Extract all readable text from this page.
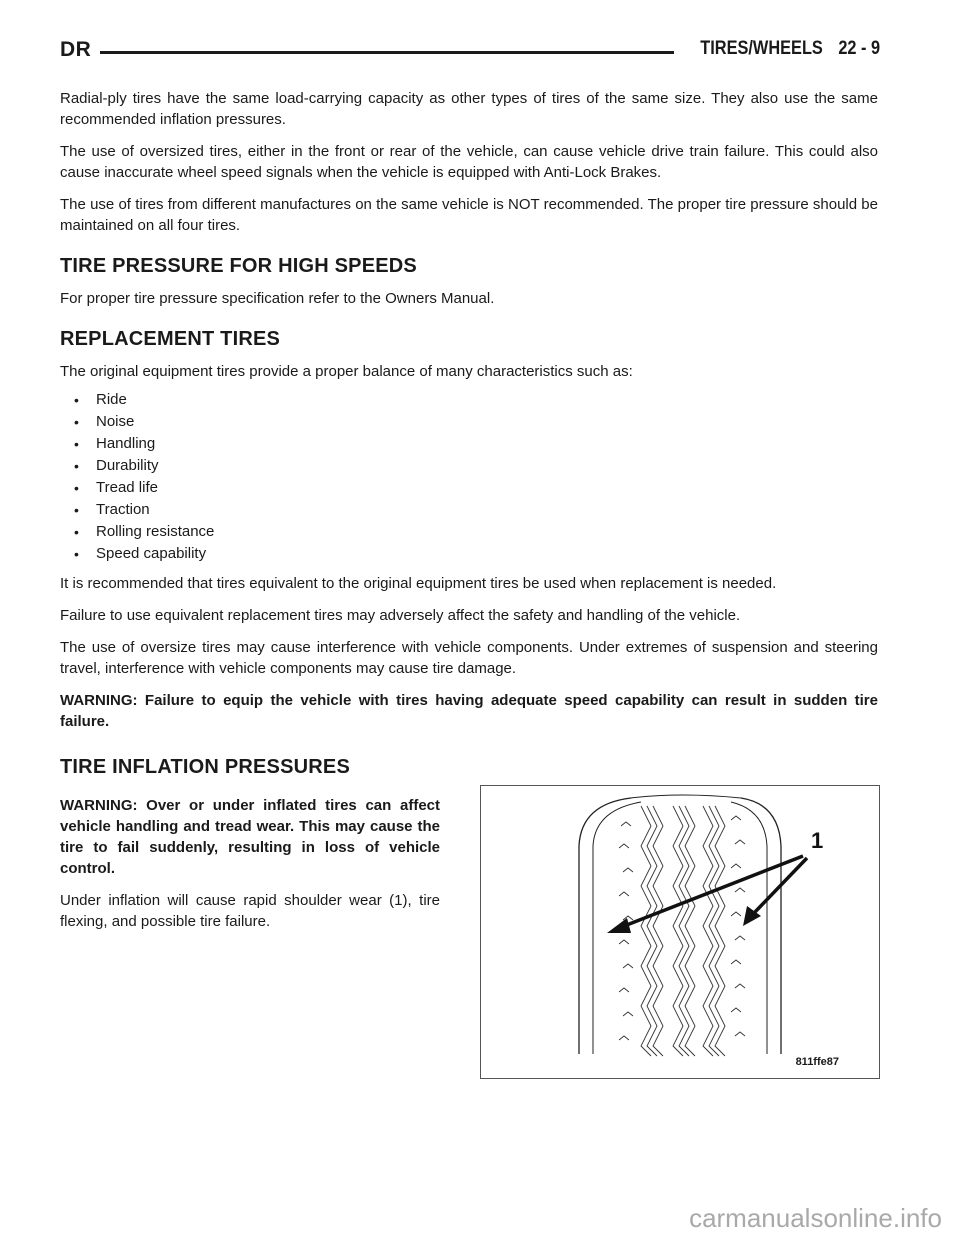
DR	TIRES/WHEELS 22 - 9

Radial-ply tires have the same load-carrying capacity as other types of tires of the same size. They also use the same recommended inflation pressures.

The use of oversized tires, either in the front or rear of the vehicle, can cause vehicle drive train failure. This could also cause inaccurate wheel speed signals when the vehicle is equipped with Anti-Lock Brakes.

The use of tires from different manufactures on the same vehicle is NOT recommended. The proper tire pressure should be maintained on all four tires.

TIRE PRESSURE FOR HIGH SPEEDS

For proper tire pressure specification refer to the Owners Manual.

REPLACEMENT TIRES

The original equipment tires provide a proper balance of many characteristics such as:

• Ride
• Noise
• Handling
• Durability
• Tread life
• Traction
• Rolling resistance
• Speed capability

It is recommended that tires equivalent to the original equipment tires be used when replacement is needed.

Failure to use equivalent replacement tires may adversely affect the safety and handling of the vehicle.

The use of oversize tires may cause interference with vehicle components. Under extremes of suspension and steering travel, interference with vehicle components may cause tire damage.

WARNING: Failure to equip the vehicle with tires having adequate speed capability can result in sudden tire failure.

TIRE INFLATION PRESSURES

WARNING: Over or under inflated tires can affect vehicle handling and tread wear. This may cause the tire to fail suddenly, resulting in loss of vehicle control.

Under inflation will cause rapid shoulder wear (1), tire flexing, and possible tire failure.

1
811ffe87
carmanualsonline.info
